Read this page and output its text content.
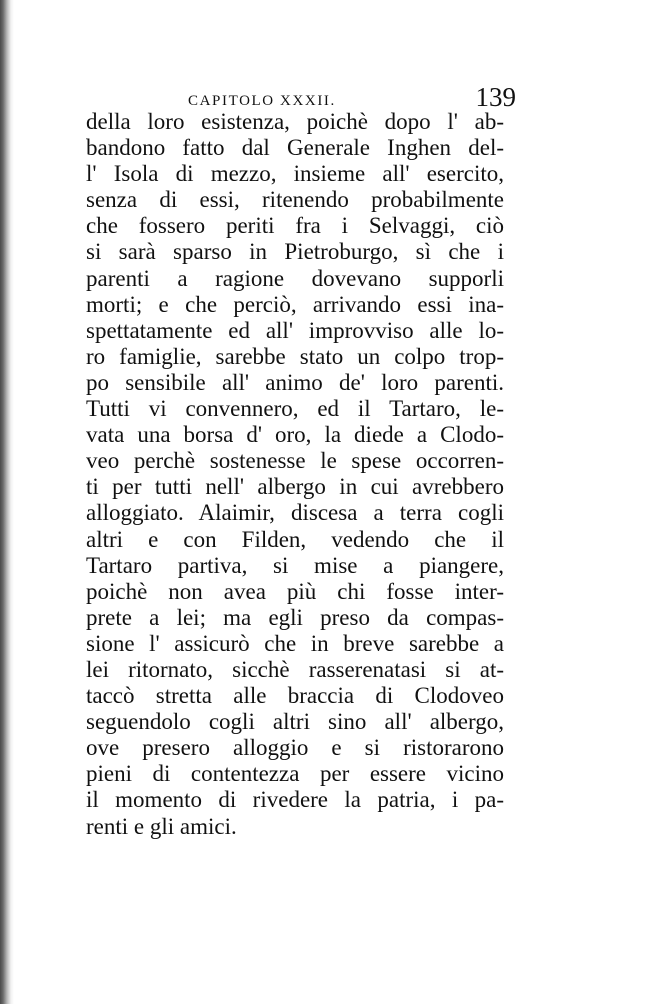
CAPITOLO XXXII.	139
della loro esistenza, poichè dopo l' ab-
bandono fatto dal Generale Inghen del-
l' Isola di mezzo, insieme all' esercito,
senza di essi, ritenendo probabilmente
che fossero periti fra i Selvaggi, ciò
si sarà sparso in Pietroburgo, sì che i
parenti a ragione dovevano supporli
morti; e che perciò, arrivando essi ina-
spettatamente ed all' improvviso alle lo-
ro famiglie, sarebbe stato un colpo trop-
po sensibile all' animo de' loro parenti.
Tutti vi convennero, ed il Tartaro, le-
vata una borsa d' oro, la diede a Clodo-
veo perchè sostenesse le spese occorren-
ti per tutti nell' albergo in cui avrebbero
alloggiato. Alaimir, discesa a terra cogli
altri e con Filden, vedendo che il
Tartaro partiva, si mise a piangere,
poichè non avea più chi fosse inter-
prete a lei; ma egli preso da compas-
sione l' assicurò che in breve sarebbe a
lei ritornato, sicchè rasserenatasi si at-
taccò stretta alle braccia di Clodoveo
seguendolo cogli altri sino all' albergo,
ove presero alloggio e si ristorarono
pieni di contentezza per essere vicino
il momento di rivedere la patria, i pa-
renti e gli amici.
